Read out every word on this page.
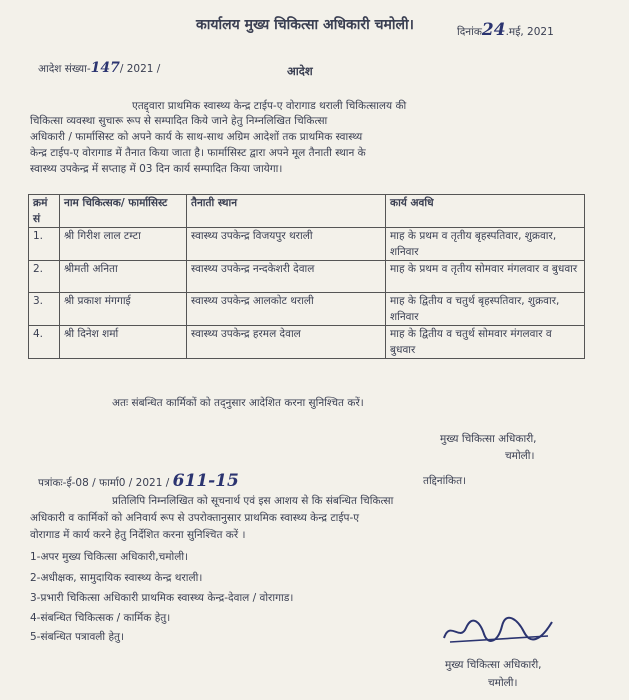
कार्यालय मुख्य चिकित्सा अधिकारी चमोली।	दिनांक24.मई, 2021
आदेश संख्या-147/ 2021 /	आदेश
एतद्द्वारा प्राथमिक स्वास्थ्य केन्द्र टाईप-ए वोरागाड थराली चिकित्सालय की
चिकित्सा व्यवस्था सुचारू रूप से सम्पादित किये जाने हेतु निम्नलिखित चिकित्सा
अधिकारी / फार्मासिस्ट को अपने कार्य के साथ-साथ अग्रिम आदेशों तक प्राथमिक स्वास्थ्य
केन्द्र टाईप-ए वोरागाड में तैनात किया जाता है। फार्मासिस्ट द्वारा अपने मूल तैनाती स्थान के
स्वास्थ्य उपकेन्द्र में सप्ताह में 03 दिन कार्य सम्पादित किया जायेगा।
क्रमं सं	नाम चिकित्सक/ फार्मासिस्ट	तैनाती स्थान	कार्य अवधि
1.	श्री गिरीश लाल टम्टा	स्वास्थ्य उपकेन्द्र विजयपुर थराली	माह के प्रथम व तृतीय बृहस्पतिवार, शुक्रवार, शनिवार
2.	श्रीमती अनिता	स्वास्थ्य उपकेन्द्र नन्दकेशरी देवाल	माह के प्रथम व तृतीय सोमवार मंगलवार व बुधवार
3.	श्री प्रकाश मंगगाई	स्वास्थ्य उपकेन्द्र आलकोट थराली	माह के द्वितीय व चतुर्थ बृहस्पतिवार, शुक्रवार, शनिवार
4.	श्री दिनेश शर्मा	स्वास्थ्य उपकेन्द्र हरमल देवाल	माह के द्वितीय व चतुर्थ सोमवार मंगलवार व बुधवार
अतः संबन्धित कार्मिकों को तद्नुसार आदेशित करना सुनिश्चित करें।
मुख्य चिकित्सा अधिकारी,
चमोली।
पत्रांकः-ई-08 / फार्मा0 / 2021 / 611-15	तद्दिनांकित।
प्रतिलिपि निम्नलिखित को सूचनार्थ एवं इस आशय से कि संबन्धित चिकित्सा
अधिकारी व कार्मिकों को अनिवार्य रूप से उपरोक्तानुसार प्राथमिक स्वास्थ्य केन्द्र टाईप-ए
वोरागाड में कार्य करने हेतु निर्देशित करना सुनिश्चित करें ।
1-अपर मुख्य चिकित्सा अधिकारी,चमोली।
2-अधीक्षक, सामुदायिक स्वास्थ्य केन्द्र थराली।
3-प्रभारी चिकित्सा अधिकारी प्राथमिक स्वास्थ्य केन्द्र-देवाल / वोरागाड।
4-संबन्धित चिकित्सक / कार्मिक हेतु।
5-संबन्धित पत्रावली हेतु।
मुख्य चिकित्सा अधिकारी,
चमोली।
